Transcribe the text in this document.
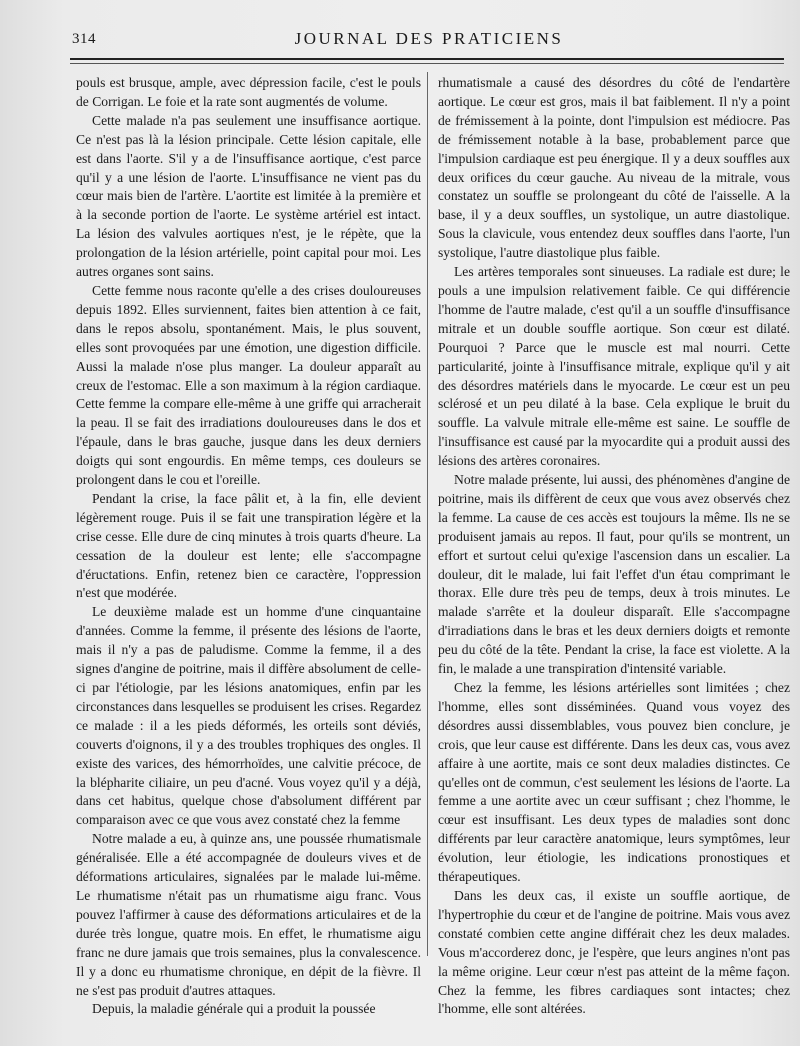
314	JOURNAL DES PRATICIENS

pouls est brusque, ample, avec dépression facile, c'est le pouls de Corrigan. Le foie et la rate sont augmentés de volume.

Cette malade n'a pas seulement une insuffisance aortique. Ce n'est pas là la lésion principale. Cette lésion capitale, elle est dans l'aorte. S'il y a de l'insuffisance aortique, c'est parce qu'il y a une lésion de l'aorte. L'insuffisance ne vient pas du cœur mais bien de l'artère. L'aortite est limitée à la première et à la seconde portion de l'aorte. Le système artériel est intact. La lésion des valvules aortiques n'est, je le répète, que la prolongation de la lésion artérielle, point capital pour moi. Les autres organes sont sains.

Cette femme nous raconte qu'elle a des crises douloureuses depuis 1892. Elles surviennent, faites bien attention à ce fait, dans le repos absolu, spontanément. Mais, le plus souvent, elles sont provoquées par une émotion, une digestion difficile. Aussi la malade n'ose plus manger. La douleur apparaît au creux de l'estomac. Elle a son maximum à la région cardiaque. Cette femme la compare elle-même à une griffe qui arracherait la peau. Il se fait des irradiations douloureuses dans le dos et l'épaule, dans le bras gauche, jusque dans les deux derniers doigts qui sont engourdis. En même temps, ces douleurs se prolongent dans le cou et l'oreille.

Pendant la crise, la face pâlit et, à la fin, elle devient légèrement rouge. Puis il se fait une transpiration légère et la crise cesse. Elle dure de cinq minutes à trois quarts d'heure. La cessation de la douleur est lente; elle s'accompagne d'éructations. Enfin, retenez bien ce caractère, l'oppression n'est que modérée.

Le deuxième malade est un homme d'une cinquantaine d'années. Comme la femme, il présente des lésions de l'aorte, mais il n'y a pas de paludisme. Comme la femme, il a des signes d'angine de poitrine, mais il diffère absolument de celle-ci par l'étiologie, par les lésions anatomiques, enfin par les circonstances dans lesquelles se produisent les crises. Regardez ce malade : il a les pieds déformés, les orteils sont déviés, couverts d'oignons, il y a des troubles trophiques des ongles. Il existe des varices, des hémorrhoïdes, une calvitie précoce, de la blépharite ciliaire, un peu d'acné. Vous voyez qu'il y a déjà, dans cet habitus, quelque chose d'absolument différent par comparaison avec ce que vous avez constaté chez la femme

Notre malade a eu, à quinze ans, une poussée rhumatismale généralisée. Elle a été accompagnée de douleurs vives et de déformations articulaires, signalées par le malade lui-même. Le rhumatisme n'était pas un rhumatisme aigu franc. Vous pouvez l'affirmer à cause des déformations articulaires et de la durée très longue, quatre mois. En effet, le rhumatisme aigu franc ne dure jamais que trois semaines, plus la convalescence. Il y a donc eu rhumatisme chronique, en dépit de la fièvre. Il ne s'est pas produit d'autres attaques.

Depuis, la maladie générale qui a produit la poussée

rhumatismale a causé des désordres du côté de l'endartère aortique. Le cœur est gros, mais il bat faiblement. Il n'y a point de frémissement à la pointe, dont l'impulsion est médiocre. Pas de frémissement notable à la base, probablement parce que l'impulsion cardiaque est peu énergique. Il y a deux souffles aux deux orifices du cœur gauche. Au niveau de la mitrale, vous constatez un souffle se prolongeant du côté de l'aisselle. A la base, il y a deux souffles, un systolique, un autre diastolique. Sous la clavicule, vous entendez deux souffles dans l'aorte, l'un systolique, l'autre diastolique plus faible.

Les artères temporales sont sinueuses. La radiale est dure; le pouls a une impulsion relativement faible. Ce qui différencie l'homme de l'autre malade, c'est qu'il a un souffle d'insuffisance mitrale et un double souffle aortique. Son cœur est dilaté. Pourquoi ? Parce que le muscle est mal nourri. Cette particularité, jointe à l'insuffisance mitrale, explique qu'il y ait des désordres matériels dans le myocarde. Le cœur est un peu sclérosé et un peu dilaté à la base. Cela explique le bruit du souffle. La valvule mitrale elle-même est saine. Le souffle de l'insuffisance est causé par la myocardite qui a produit aussi des lésions des artères coronaires.

Notre malade présente, lui aussi, des phénomènes d'angine de poitrine, mais ils diffèrent de ceux que vous avez observés chez la femme. La cause de ces accès est toujours la même. Ils ne se produisent jamais au repos. Il faut, pour qu'ils se montrent, un effort et surtout celui qu'exige l'ascension dans un escalier. La douleur, dit le malade, lui fait l'effet d'un étau comprimant le thorax. Elle dure très peu de temps, deux à trois minutes. Le malade s'arrête et la douleur disparaît. Elle s'accompagne d'irradiations dans le bras et les deux derniers doigts et remonte peu du côté de la tête. Pendant la crise, la face est violette. A la fin, le malade a une transpiration d'intensité variable.

Chez la femme, les lésions artérielles sont limitées ; chez l'homme, elles sont disséminées. Quand vous voyez des désordres aussi dissemblables, vous pouvez bien conclure, je crois, que leur cause est différente. Dans les deux cas, vous avez affaire à une aortite, mais ce sont deux maladies distinctes. Ce qu'elles ont de commun, c'est seulement les lésions de l'aorte. La femme a une aortite avec un cœur suffisant ; chez l'homme, le cœur est insuffisant. Les deux types de maladies sont donc différents par leur caractère anatomique, leurs symptômes, leur évolution, leur étiologie, les indications pronostiques et thérapeutiques.

Dans les deux cas, il existe un souffle aortique, de l'hypertrophie du cœur et de l'angine de poitrine. Mais vous avez constaté combien cette angine différait chez les deux malades. Vous m'accorderez donc, je l'espère, que leurs angines n'ont pas la même origine. Leur cœur n'est pas atteint de la même façon. Chez la femme, les fibres cardiaques sont intactes; chez l'homme, elle sont altérées.
